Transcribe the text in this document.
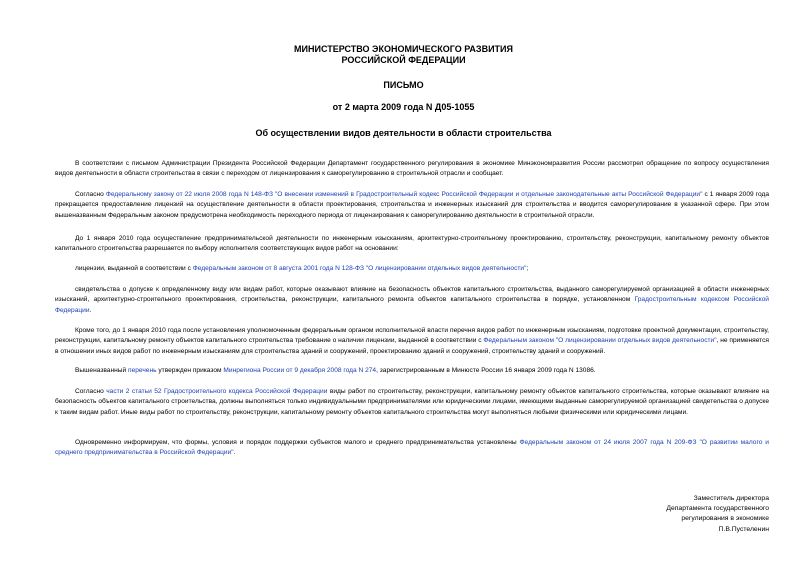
МИНИСТЕРСТВО ЭКОНОМИЧЕСКОГО РАЗВИТИЯ
РОССИЙСКОЙ ФЕДЕРАЦИИ
ПИСЬМО
от 2 марта 2009 года N Д05-1055
Об осуществлении видов деятельности в области строительства
В соответствии с письмом Администрации Президента Российской Федерации Департамент государственного регулирования в экономике Минэкономразвития России рассмотрел обращение по вопросу осуществления видов деятельности в области строительства в связи с переходом от лицензирования к саморегулированию в строительной отрасли и сообщает.
Согласно Федеральному закону от 22 июля 2008 года N 148-ФЗ "О внесении изменений в Градостроительный кодекс Российской Федерации и отдельные законодательные акты Российской Федерации" с 1 января 2009 года прекращается предоставление лицензий на осуществление деятельности в области проектирования, строительства и инженерных изысканий для строительства и вводится саморегулирование в указанной сфере. При этом вышеназванным Федеральным законом предусмотрена необходимость переходного периода от лицензирования к саморегулированию деятельности в строительной отрасли.
До 1 января 2010 года осуществление предпринимательской деятельности по инженерным изысканиям, архитектурно-строительному проектированию, строительству, реконструкции, капитальному ремонту объектов капитального строительства разрешается по выбору исполнителя соответствующих видов работ на основании:
лицензии, выданной в соответствии с Федеральным законом от 8 августа 2001 года N 128-ФЗ "О лицензировании отдельных видов деятельности";
свидетельства о допуске к определенному виду или видам работ, которые оказывают влияние на безопасность объектов капитального строительства, выданного саморегулируемой организацией в области инженерных изысканий, архитектурно-строительного проектирования, строительства, реконструкции, капитального ремонта объектов капитального строительства в порядке, установленном Градостроительным кодексом Российской Федерации.
Кроме того, до 1 января 2010 года после установления уполномоченным федеральным органом исполнительной власти перечня видов работ по инженерным изысканиям, подготовке проектной документации, строительству, реконструкции, капитальному ремонту объектов капитального строительства требование о наличии лицензии, выданной в соответствии с Федеральным законом "О лицензировании отдельных видов деятельности", не применяется в отношении иных видов работ по инженерным изысканиям для строительства зданий и сооружений, проектированию зданий и сооружений, строительству зданий и сооружений.
Вышеназванный перечень утвержден приказом Минрегиона России от 9 декабря 2008 года N 274, зарегистрированным в Минюсте России 16 января 2009 года N 13086.
Согласно части 2 статьи 52 Градостроительного кодекса Российской Федерации виды работ по строительству, реконструкции, капитальному ремонту объектов капитального строительства, которые оказывают влияние на безопасность объектов капитального строительства, должны выполняться только индивидуальными предпринимателями или юридическими лицами, имеющими выданные саморегулируемой организацией свидетельства о допуске к таким видам работ. Иные виды работ по строительству, реконструкции, капитальному ремонту объектов капитального строительства могут выполняться любыми физическими или юридическими лицами.
Одновременно информируем, что формы, условия и порядок поддержки субъектов малого и среднего предпринимательства установлены Федеральным законом от 24 июля 2007 года N 209-ФЗ "О развитии малого и среднего предпринимательства в Российской Федерации".
Заместитель директора
Департамента государственного
регулирования в экономике
П.В.Пустеленин
